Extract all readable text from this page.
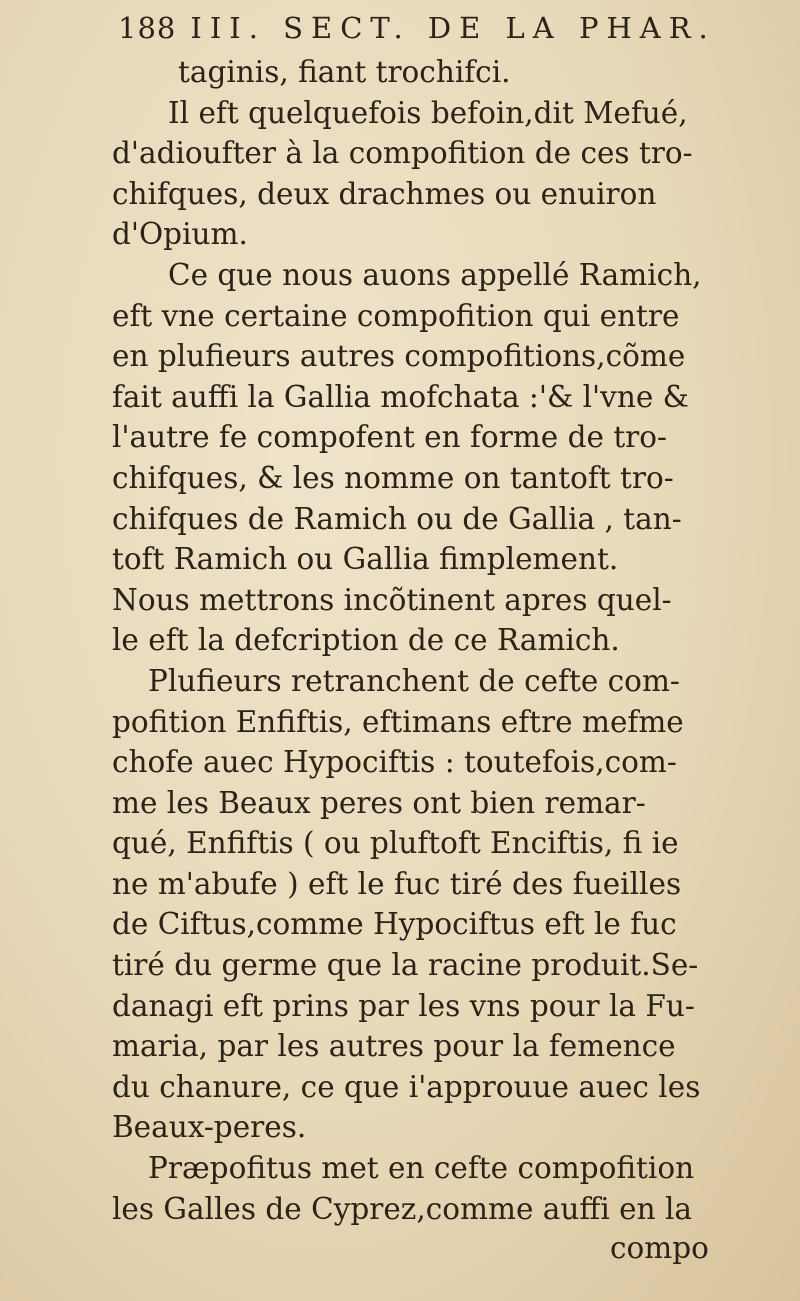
188 III. SECT. DE LA PHAR.
taginis, fiant trochifci.
Il eft quelquefois befoin,dit Mefué,
d'adioufter à la compofition de ces tro-
chifques, deux drachmes ou enuiron
d'Opium.
Ce que nous auons appellé Ramich,
eft vne certaine compofition qui entre
en plufieurs autres compofitions,cõme
fait auffi la Gallia mofchata :'& l'vne &
l'autre fe compofent en forme de tro-
chifques, & les nomme on tantoft tro-
chifques de Ramich ou de Gallia , tan-
toft Ramich ou Gallia fimplement.
Nous mettrons incõtinent apres quel-
le eft la defcription de ce Ramich.
Plufieurs retranchent de cefte com-
pofition Enfiftis, eftimans eftre mefme
chofe auec Hypociftis : toutefois,com-
me les Beaux peres ont bien remar-
qué, Enfiftis ( ou pluftoft Enciftis, fi ie
ne m'abufe ) eft le fuc tiré des fueilles
de Ciftus,comme Hypociftus eft le fuc
tiré du germe que la racine produit.Se-
danagi eft prins par les vns pour la Fu-
maria, par les autres pour la femence
du chanure, ce que i'approuue auec les
Beaux-peres.
Præpofitus met en cefte compofition
les Galles de Cyprez,comme auffi en la
compo
